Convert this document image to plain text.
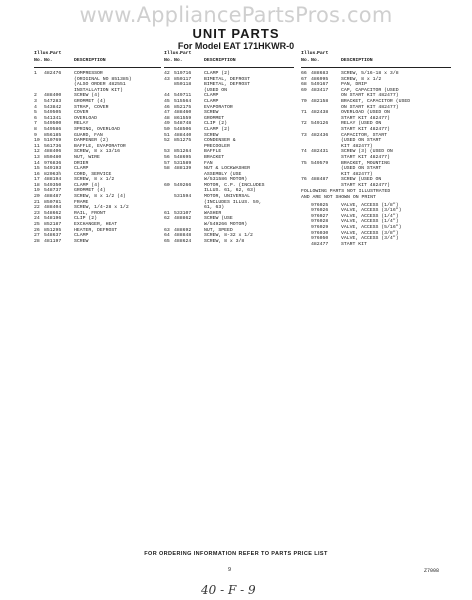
www.AppliancePartsPros.com
UNIT PARTS
For Model EAT 171HKWR-0
Illus.
No. No.
Part
DESCRIPTION
1	482476	COMPRESSOR
(ORIGINAL NO 851385)
(ALSO ORDER 482551
INSTALLATION KIT)
2	488400	SCREW (4)
3	547283	GROMMET (4)
4	543842	STRAP, COVER
5	549505	COVER
6	541341	OVERLOAD
7	549500	RELAY
8	549586	SPRING, OVERLOAD
9	856185	GUARD, FAN
10 510769	DAMPENER (2)
11 561736	BAFFLE, EVAPORATOR
12 488406	SCREW, 8 x 13/16
13 850480	NUT, WIRE
14 976836	DRIER
15 549193	CLAMP
16 82063h	CORD, SERVICE
17 488194	SCREW, 8 x 1/2
18 549350	CLAMP (4)
19 548737	GROMMET (4)
20 488487	SCREW, 8 x 1/2 (4)
21 850781	FRAME
22 488404	SCREW, 1/4-28 x 1/2
23 548662	RAIL, FRONT
24 548196	CLIP (2)
25 852187	EXCHANGER, HEAT
26 851295	HEATER, DEFROST
27 548637	CLAMP
28 481197	SCREW
Illus.
No. No.
Part
DESCRIPTION
42 519716	CLAMP (2)
43 850117	BIMETAL, DEFROST
850118	BIMETAL, DEFROST
(USED ON
44 549711	CLAMP
45 515564	CLAMP
46 852175	EVAPORATOR
47 488460	SCREW
48 861559	GROMMET
49 548748	CLIP (2)
50 548506	CLAMP (2)
51 488440	SCREW
52 851275	CONDENSER &
PRECOOLER
53 851264	BAFFLE
56 548695	BRACKET
57 531589	FAN
58 488139	NUT & LOCKWASHER
ASSEMBLY (USE
W/531586 MOTOR)
60 549266	MOTOR, C.P. (INCLUDES
ILLUS. 61, 62, 63)
531594	MOTOR, UNIVERSAL
(INCLUDES ILLUS. 59,
61, 63)
61 533107	WASHER
62 488862	SCREW (USE
W/549266 MOTOR)
63 488692	NUT, SPEED
64 488848	SCREW, 8-32 x 1/2
65 488624	SCREW, 8 x 3/8
Illus.
No. No.
Part
DESCRIPTION
66 488683	SCREW, 5/16-18 x 3/8
67 486995	SCREW, 8 x 1/2
68 549167	PAN, DRIP
69 483417	CAP, CAPACITOR (USED
ON START KIT 482477)
70 482158	BRACKET, CAPACITOR (USED
ON START KIT 482477)
71 482438	OVERLOAD (USED ON
START KIT 482477)
72 549126	RELAY (USED ON
START KIT 482477)
73 482436	CAPACITOR, START
(USED ON START
KIT 482477)
74 482431	SCREW (3) (USED ON
START KIT 482477)
75 549579	BRACKET, MOUNTING
(USED ON START
KIT 482477)
76 488487	SCREW (USED ON
START KIT 482477)
FOLLOWING PARTS NOT ILLUSTRATED
AND ARE NOT SHOWN ON PRINT
976025	VALVE, ACCESS (1/8")
976026	VALVE, ACCESS (3/16")
976027	VALVE, ACCESS (1/4")
976028	VALVE, ACCESS (1/4")
976029	VALVE, ACCESS (5/16")
976030	VALVE, ACCESS (3/8")
976050	VALVE, ACCESS (3/4")
482477	START KIT
FOR ORDERING INFORMATION REFER TO PARTS PRICE LIST
9	Z7008
40 - F - 9
